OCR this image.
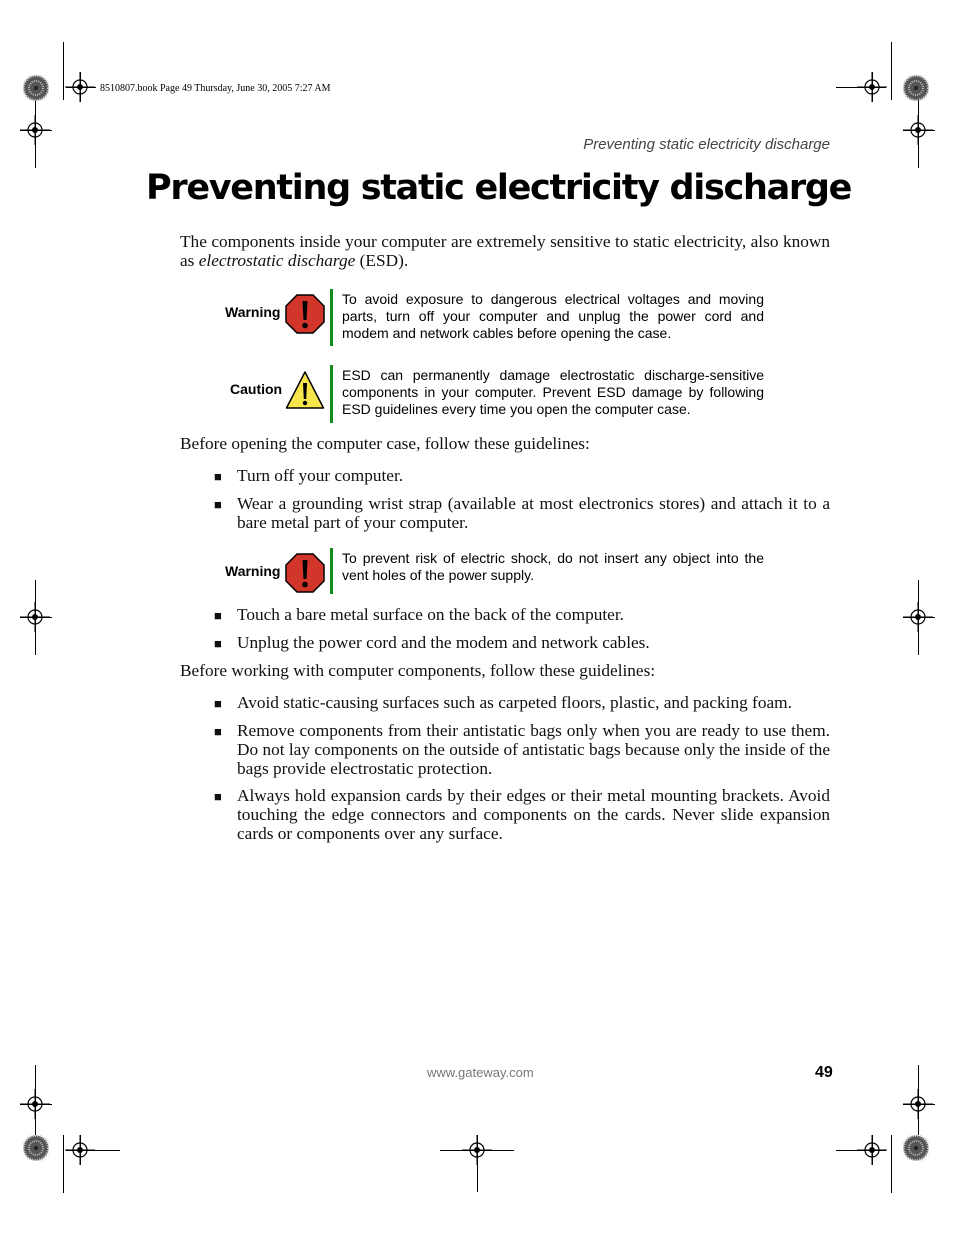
8510807.book Page 49 Thursday, June 30, 2005 7:27 AM
Preventing static electricity discharge
Preventing static electricity discharge

The components inside your computer are extremely sensitive to static electricity, also known as electrostatic discharge (ESD).

Warning

To avoid exposure to dangerous electrical voltages and moving parts, turn off your computer and unplug the power cord and modem and network cables before opening the case.

Caution

ESD can permanently damage electrostatic discharge-sensitive components in your computer. Prevent ESD damage by following ESD guidelines every time you open the computer case.

Before opening the computer case, follow these guidelines:

■ Turn off your computer.

■ Wear a grounding wrist strap (available at most electronics stores) and attach it to a bare metal part of your computer.

Warning

To prevent risk of electric shock, do not insert any object into the vent holes of the power supply.

■ Touch a bare metal surface on the back of the computer.

■ Unplug the power cord and the modem and network cables.

Before working with computer components, follow these guidelines:

■ Avoid static-causing surfaces such as carpeted floors, plastic, and packing foam.

■ Remove components from their antistatic bags only when you are ready to use them. Do not lay components on the outside of antistatic bags because only the inside of the bags provide electrostatic protection.

■ Always hold expansion cards by their edges or their metal mounting brackets. Avoid touching the edge connectors and components on the cards. Never slide expansion cards or components over any surface.

www.gateway.com	49
